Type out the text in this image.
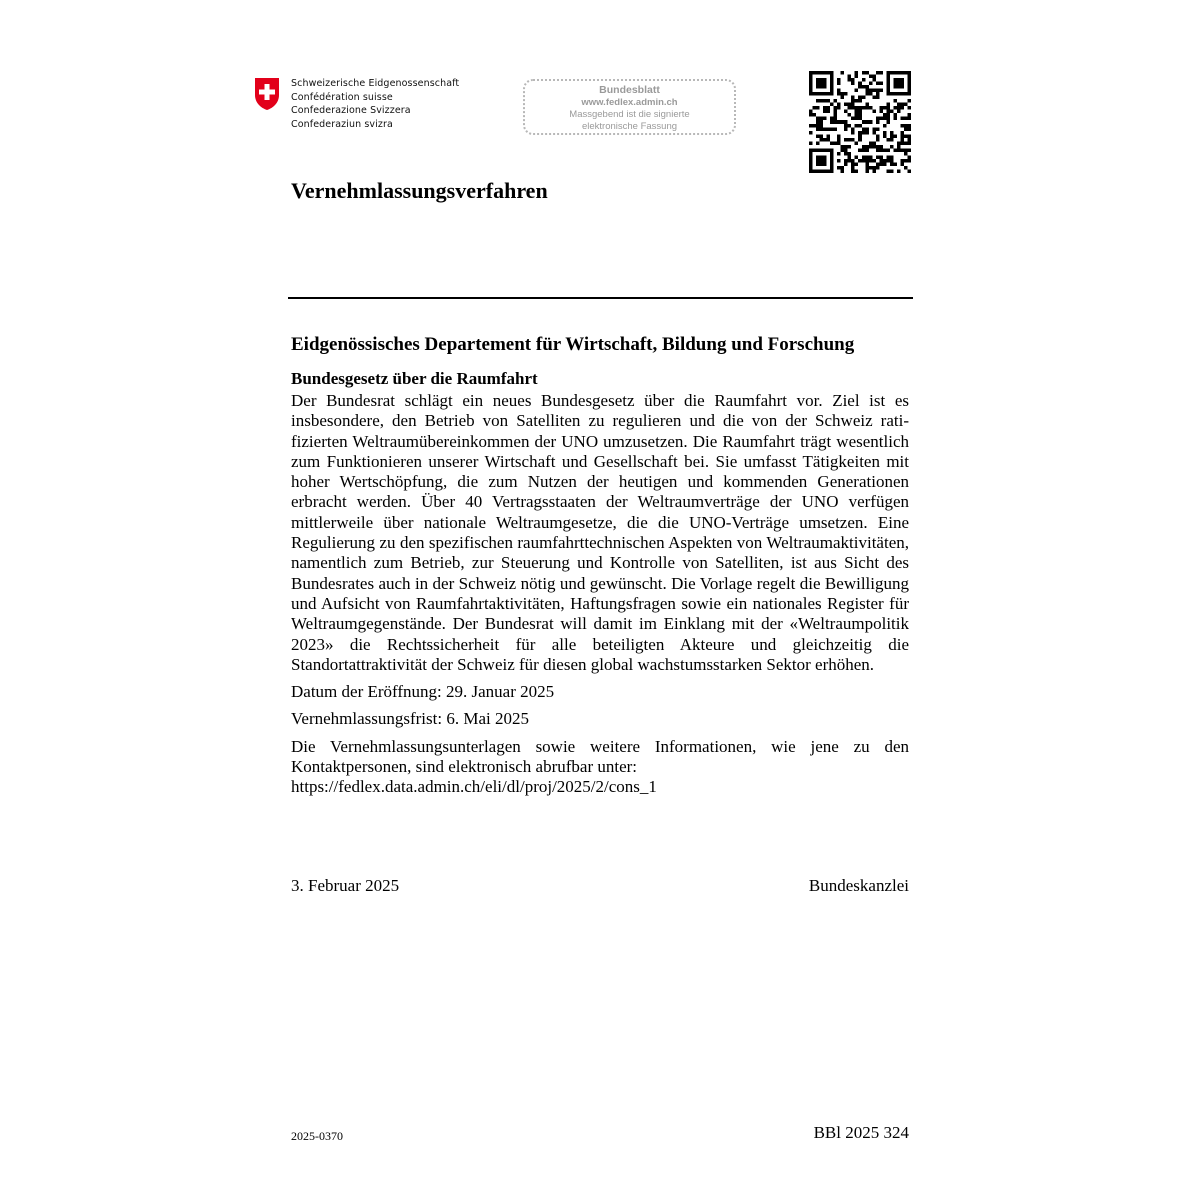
Schweizerische Eidgenossenschaft
Confédération suisse
Confederazione Svizzera
Confederaziun svizra
Bundesblatt
www.fedlex.admin.ch
Massgebend ist die signierte
elektronische Fassung
Vernehmlassungsverfahren
Eidgenössisches Departement für Wirtschaft, Bildung und Forschung
Bundesgesetz über die Raumfahrt

Der Bundesrat schlägt ein neues Bundesgesetz über die Raumfahrt vor. Ziel ist es insbesondere, den Betrieb von Satelliten zu regulieren und die von der Schweiz ratifizierten Weltraumübereinkommen der UNO umzusetzen. Die Raumfahrt trägt wesentlich zum Funktionieren unserer Wirtschaft und Gesellschaft bei. Sie umfasst Tätigkeiten mit hoher Wertschöpfung, die zum Nutzen der heutigen und kommenden Generationen erbracht werden. Über 40 Vertragsstaaten der Weltraumverträge der UNO verfügen mittlerweile über nationale Weltraumgesetze, die die UNO-Verträge umsetzen. Eine Regulierung zu den spezifischen raumfahrttechnischen Aspekten von Weltraumaktivitäten, namentlich zum Betrieb, zur Steuerung und Kontrolle von Satelliten, ist aus Sicht des Bundesrates auch in der Schweiz nötig und gewünscht. Die Vorlage regelt die Bewilligung und Aufsicht von Raumfahrtaktivitäten, Haftungsfragen sowie ein nationales Register für Weltraumgegenstände. Der Bundesrat will damit im Einklang mit der «Weltraumpolitik 2023» die Rechtssicherheit für alle beteiligten Akteure und gleichzeitig die Standortattraktivität der Schweiz für diesen global wachstumsstarken Sektor erhöhen.

Datum der Eröffnung: 29. Januar 2025

Vernehmlassungsfrist: 6. Mai 2025

Die Vernehmlassungsunterlagen sowie weitere Informationen, wie jene zu den Kontaktpersonen, sind elektronisch abrufbar unter:
https://fedlex.data.admin.ch/eli/dl/proj/2025/2/cons_1

3. Februar 2025	Bundeskanzlei
2025-0370	BBl 2025 324
